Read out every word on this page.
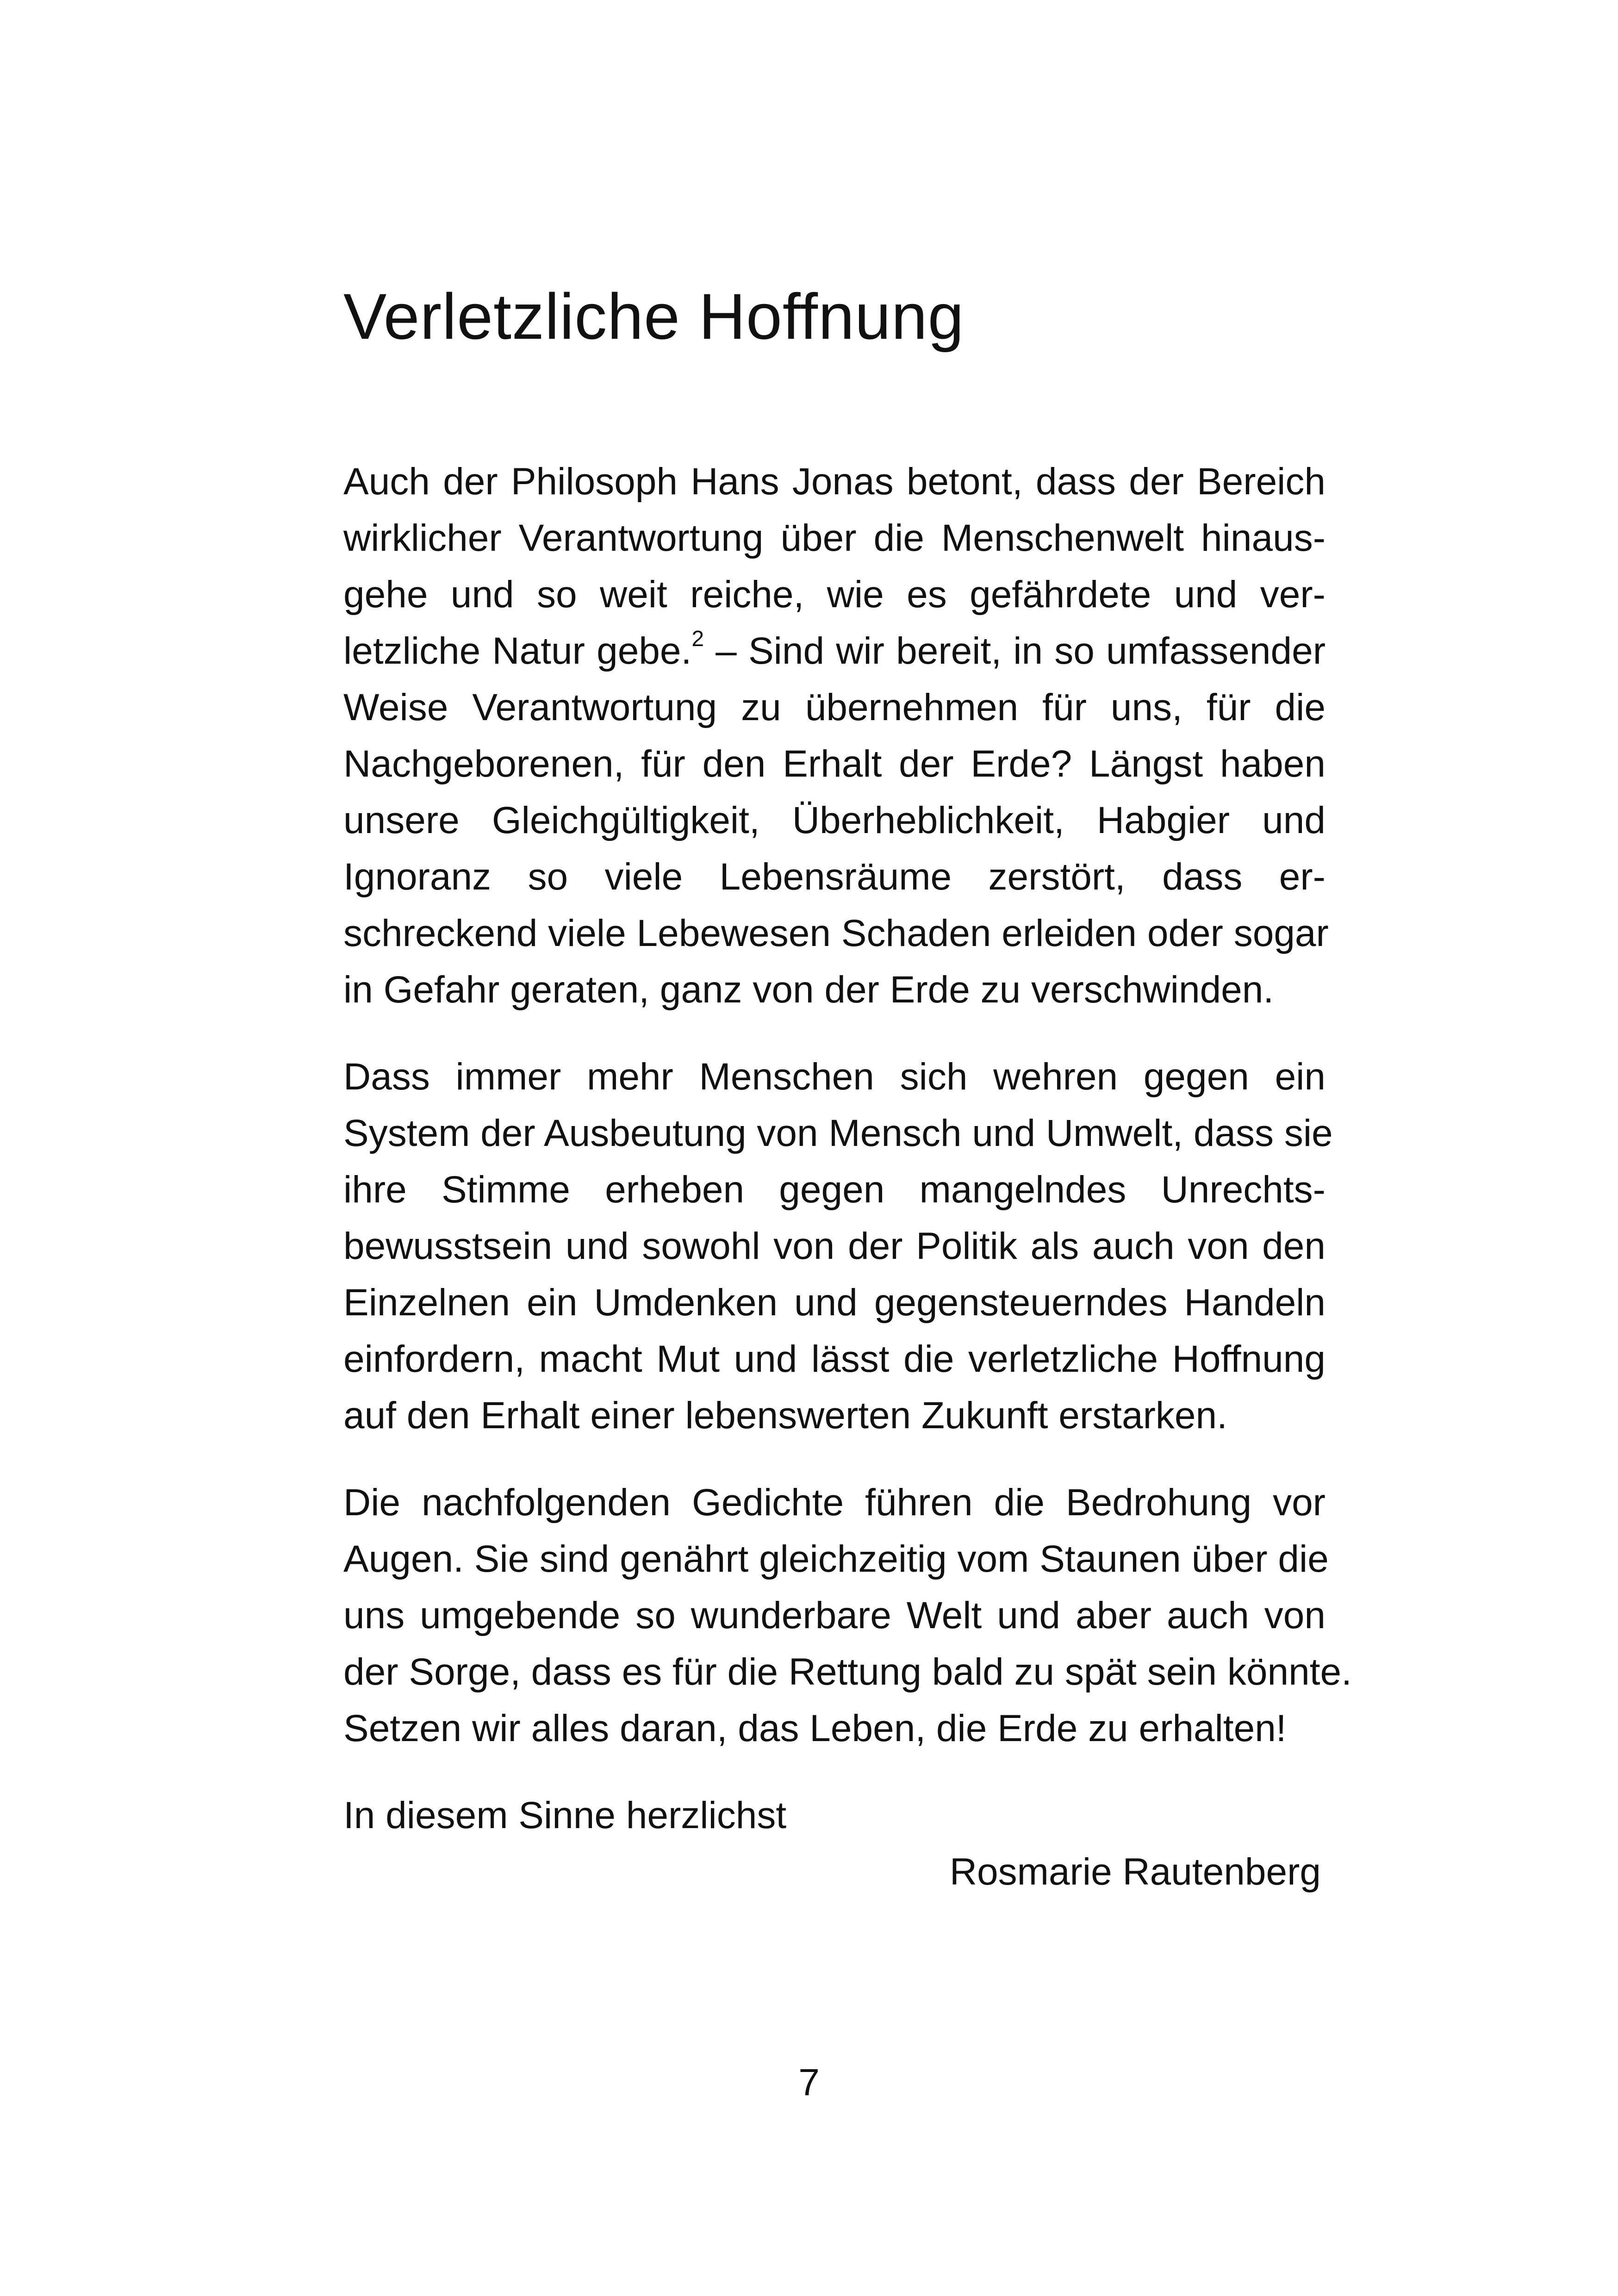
Verletzliche Hoffnung

Auch der Philosoph Hans Jonas betont, dass der Bereich
wirklicher Verantwortung über die Menschenwelt hinaus-
gehe und so weit reiche, wie es gefährdete und ver-
letzliche Natur gebe.$^2$ – Sind wir bereit, in so umfassender
Weise Verantwortung zu übernehmen für uns, für die
Nachgeborenen, für den Erhalt der Erde? Längst haben
unsere Gleichgültigkeit, Überheblichkeit, Habgier und
Ignoranz so viele Lebensräume zerstört, dass er-
schreckend viele Lebewesen Schaden erleiden oder sogar
in Gefahr geraten, ganz von der Erde zu verschwinden.

Dass immer mehr Menschen sich wehren gegen ein
System der Ausbeutung von Mensch und Umwelt, dass sie
ihre Stimme erheben gegen mangelndes Unrechts-
bewusstsein und sowohl von der Politik als auch von den
Einzelnen ein Umdenken und gegensteuerndes Handeln
einfordern, macht Mut und lässt die verletzliche Hoffnung
auf den Erhalt einer lebenswerten Zukunft erstarken.

Die nachfolgenden Gedichte führen die Bedrohung vor
Augen. Sie sind genährt gleichzeitig vom Staunen über die
uns umgebende so wunderbare Welt und aber auch von
der Sorge, dass es für die Rettung bald zu spät sein könnte.
Setzen wir alles daran, das Leben, die Erde zu erhalten!

In diesem Sinne herzlichst

Rosmarie Rautenberg

7
